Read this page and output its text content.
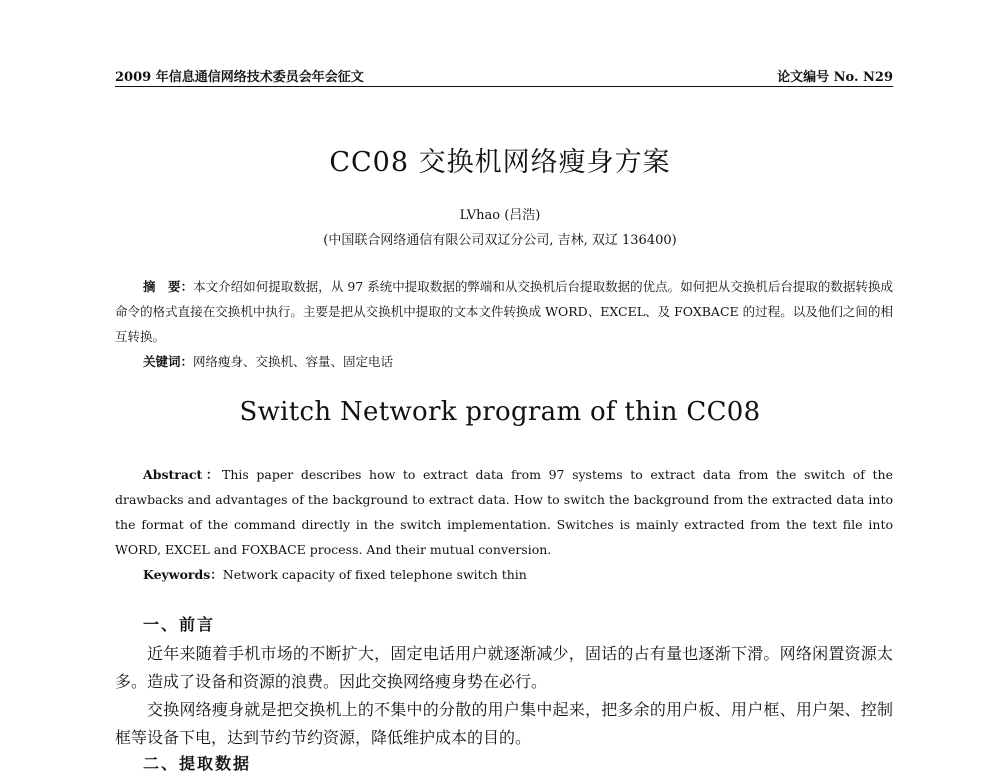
2009 年信息通信网络技术委员会年会征文	论文编号 No. N29
CC08 交换机网络瘦身方案
LVhao (吕浩)
(中国联合网络通信有限公司双辽分公司, 吉林, 双辽 136400)
摘　要：本文介绍如何提取数据，从 97 系统中提取数据的弊端和从交换机后台提取数据的优点。如何把从交换机后台提取的数据转换成命令的格式直接在交换机中执行。主要是把从交换机中提取的文本文件转换成 WORD、EXCEL、及 FOXBACE 的过程。以及他们之间的相互转换。
关键词：网络瘦身、交换机、容量、固定电话
Switch Network program of thin CC08
Abstract：This paper describes how to extract data from 97 systems to extract data from the switch of the drawbacks and advantages of the background to extract data. How to switch the background from the extracted data into the format of the command directly in the switch implementation. Switches is mainly extracted from the text file into WORD, EXCEL and FOXBACE process. And their mutual conversion.
Keywords：Network capacity of fixed telephone switch thin
一、前言

近年来随着手机市场的不断扩大，固定电话用户就逐渐减少，固话的占有量也逐渐下滑。网络闲置资源太多。造成了设备和资源的浪费。因此交换网络瘦身势在必行。

交换网络瘦身就是把交换机上的不集中的分散的用户集中起来，把多余的用户板、用户框、用户架、控制框等设备下电，达到节约节约资源，降低维护成本的目的。

二、提取数据
